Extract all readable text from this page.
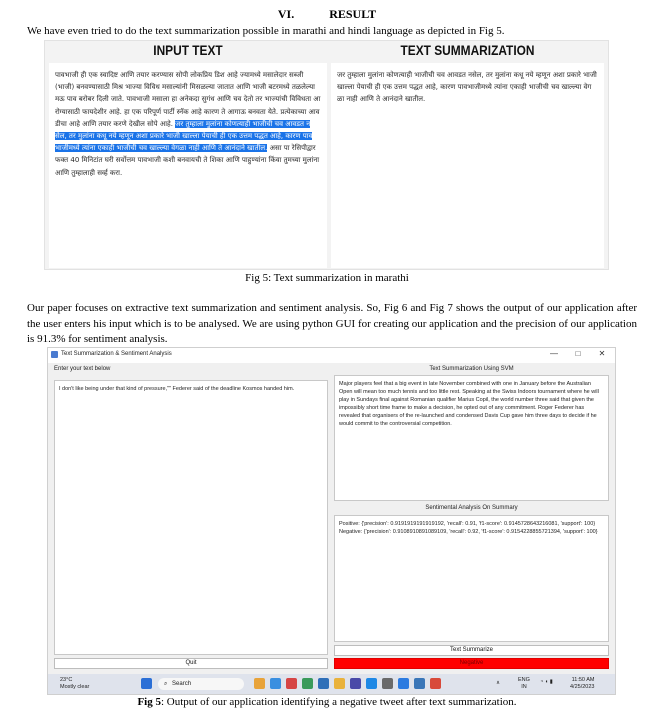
VI.	RESULT
We have even tried to do the text summarization possible in marathi and hindi language as depicted in Fig 5.
INPUT TEXT	TEXT SUMMARIZATION
पावभाजी ही एक स्वादिष्ट आणि तयार करण्यास सोपी लोकप्रिय डिश आहे ज्यामध्ये मसालेदार सब्जी (भाजी) बनवण्यासाठी मिश्र भाज्या विविध मसाल्यांनी मिसळल्या जातात आणि भाजी बटरमध्ये तळलेल्या मऊ पाव बरोबर दिली जाते. पावभाजी मसाला हा अनेकदा सुगंध आणि चव देतो तर भाज्यांची विविधता आरोग्यासाठी फायदेशीर आहे. हा एक परिपूर्ण पार्टी स्नॅक आहे कारण ते आगाऊ बनवता येते. प्रत्येकाच्या आवडीचा आहे आणि तयार करणे देखील सोपे आहे. जर तुम्हाला मुलांना कोणत्याही भाजीची चव आवडत नसेल, तर मुलांना कधू नये म्हणून अशा प्रकारे भाजी खाल्ला पेयाची ही एक उत्तम पद्धत आहे, कारण पावभाजीमध्ये त्यांना एकाही भाजीची चव खाल्ल्या वेगळा नाही आणि ते आनंदाने खातील. असा पा रेसिपीद्वार फक्त 40 मिनिटांत घरी सर्वोत्तम पावभाजी कशी बनवायची ते शिका आणि पाहुण्यांना किंवा तुमच्या मुलांना आणि तुम्हालाही सर्व्ह करा.
जर तुम्हाला मुलांना कोणत्याही भाजीची चव आवडत नसेल, तर मुलांना कधू नये म्हणून अशा प्रकारे भाजी खाल्ला पेयाची ही एक उत्तम पद्धत आहे, कारण पावभाजीमध्ये त्यांना एकाही भाजीची चव खाल्ल्या वेगळा नाही आणि ते आनंदाने खातील.
Fig 5: Text summarization in marathi
Our paper focuses on extractive text summarization and sentiment analysis. So, Fig 6 and Fig 7 shows the output of our application after the user enters his input which is to be analysed. We are using python GUI for creating our application and the precision of our application is 91.3% for sentiment analysis.
Text Summarization & Sentiment Analysis	—	□	✕
Enter your text below
I don't like being under that kind of pressure,"" Federer said of the deadline Kosmos handed him.
Text Summarization Using SVM
Major players feel that a big event in late November combined with one in January before the Australian Open will mean too much tennis and too little rest. Speaking at the Swiss Indoors tournament where he will play in Sundays final against Romanian qualifier Marius Copil, the world number three said that given the impossibly short time frame to make a decision, he opted out of any commitment. Roger Federer has revealed that organisers of the re-launched and condensed Davis Cup gave him three days to decide if he would commit to the controversial competition.
Sentimental Analysis On Summary
Positive: {'precision': 0.9191919191919192, 'recall': 0.91, 'f1-score': 0.9145728643216081, 'support': 100}
Negative: {'precision': 0.9108910891089109, 'recall': 0.92, 'f1-score': 0.9154228855721394, 'support': 100}
Text Summarize
Quit	Negative
23°C
Mostly clear	⌕ Search	∧	ENG
IN
◔ ◖ ▮	11:50 AM
4/25/2023
Fig 5: Output of our application identifying a negative tweet after text summarization.
